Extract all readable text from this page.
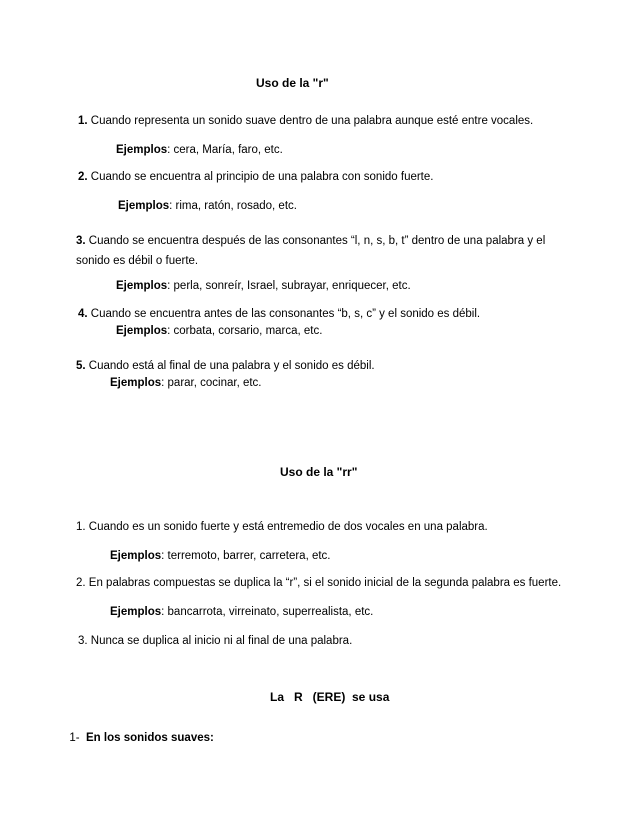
Uso de la "r"
1. Cuando representa un sonido suave dentro de una palabra aunque esté entre vocales.
Ejemplos: cera, María, faro, etc.
2. Cuando se encuentra al principio de una palabra con sonido fuerte.
Ejemplos: rima, ratón, rosado, etc.
3. Cuando se encuentra después de las consonantes “l, n, s, b, t” dentro de una palabra y el sonido es débil o fuerte.
Ejemplos: perla, sonreír, Israel, subrayar, enriquecer, etc.
4. Cuando se encuentra antes de las consonantes “b, s, c” y el sonido es débil.
Ejemplos: corbata, corsario, marca, etc.
5. Cuando está al final de una palabra y el sonido es débil.
Ejemplos: parar, cocinar, etc.
Uso de la "rr"
1. Cuando es un sonido fuerte y está entremedio de dos vocales en una palabra.
Ejemplos: terremoto, barrer, carretera, etc.
2. En palabras compuestas se duplica la “r”, si el sonido inicial de la segunda palabra es fuerte.
Ejemplos: bancarrota, virreinato, superrealista, etc.
3. Nunca se duplica al inicio ni al final de una palabra.
La   R   (ERE)  se usa

1-  En los sonidos suaves:
